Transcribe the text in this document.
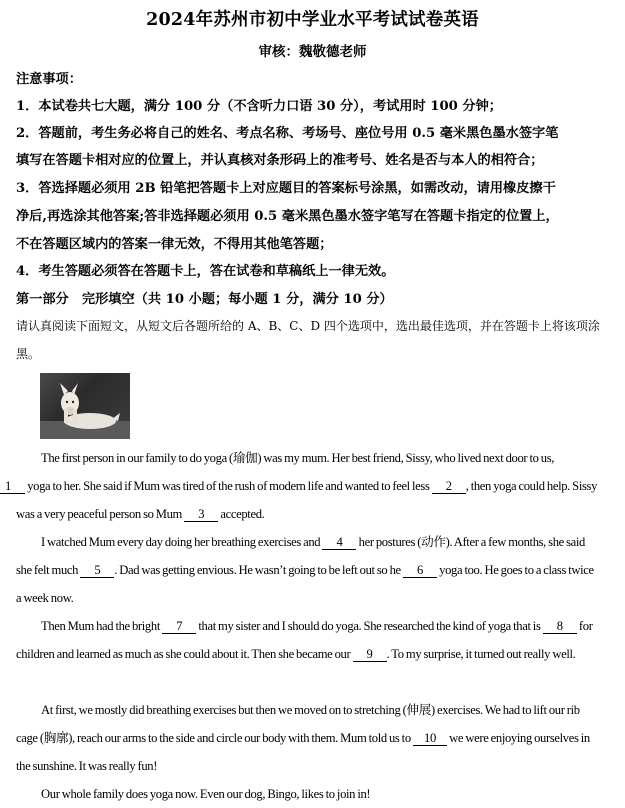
2024年苏州市初中学业水平考试试卷英语
审核：魏敬德老师
注意事项：
1．本试卷共七大题，满分 100 分（不含听力口语 30 分），考试用时 100 分钟；
2．答题前，考生务必将自己的姓名、考点名称、考场号、座位号用 0.5 毫米黑色墨水签字笔
填写在答题卡相对应的位置上，并认真核对条形码上的准考号、姓名是否与本人的相符合；
3．答选择题必须用 2B 铅笔把答题卡上对应题目的答案标号涂黑，如需改动，请用橡皮擦干
净后,再选涂其他答案;答非选择题必须用 0.5 毫米黑色墨水签字笔写在答题卡指定的位置上，
不在答题区域内的答案一律无效，不得用其他笔答题；
4．考生答题必须答在答题卡上，答在试卷和草稿纸上一律无效。
第一部分　完形填空（共 10 小题；每小题 1 分，满分 10 分）
请认真阅读下面短文，从短文后各题所给的 A、B、C、D 四个选项中，选出最佳选项，并在答题卡上将该项涂黑。
The first person in our family to do yoga (瑜伽) was my mum. Her best friend, Sissy, who lived next door to us,
1 yoga to her. She said if Mum was tired of the rush of modern life and wanted to feel less 2 , then yoga could help. Sissy was a very peaceful person so Mum 3 accepted.
I watched Mum every day doing her breathing exercises and 4 her postures (动作). After a few months, she said she felt much 5 . Dad was getting envious. He wasn’t going to be left out so he 6 yoga too. He goes to a class twice a week now.
Then Mum had the bright 7 that my sister and I should do yoga. She researched the kind of yoga that is 8 for children and learned as much as she could about it. Then she became our 9 . To my surprise, it turned out really well.
At first, we mostly did breathing exercises but then we moved on to stretching (伸展) exercises. We had to lift our rib cage (胸廓), reach our arms to the side and circle our body with them. Mum told us to 10 we were enjoying ourselves in the sunshine. It was really fun!
Our whole family does yoga now. Even our dog, Bingo, likes to join in!
